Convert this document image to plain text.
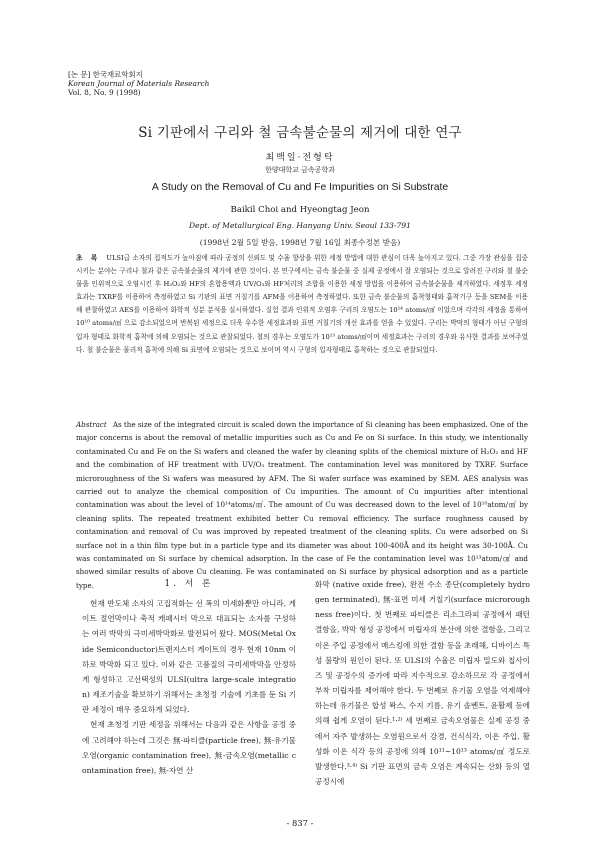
[논 문] 한국재료학회지
Korean Journal of Materials Research
Vol. 8, No. 9 (1998)
Si 기판에서 구리와 철 금속불순물의 제거에 대한 연구
최백일·전형탁
한양대학교 금속공학과
A Study on the Removal of Cu and Fe Impurities on Si Substrate
Baikil Choi and Hyeongtag Jeon
Dept. of Metallurgical Eng. Hanyang Univ. Seoul 133-791
(1998년 2월 5일 받음, 1998년 7월 16일 최종수정본 받음)
초 록 ULSI급 소자의 집적도가 높아짐에 따라 공정의 신뢰도 및 수율 향상을 위한 세정 방법에 대한 관심이 더욱 높아지고 있다. 그중 가장 관심을 집중시키는 분야는 구리나 철과 같은 금속불순물의 제거에 관한 것이다. 본 연구에서는 금속 불순물 중 실제 공정에서 잘 오염되는 것으로 알려진 구리와 철 불순물을 인위적으로 오염시킨 후 H₂O₂와 HF의 혼합용액과 UV/O₃와 HF처리의 조합을 이용한 세정 방법을 이용하여 금속불순물을 제거하였다. 세정후 세정 효과는 TXRF를 이용하여 측정하였고 Si 기판의 표면 거칠기를 AFM을 이용하여 측정하였다. 또한 금속 불순물의 흡착형태와 흡착기구 등을 SEM을 이용해 관찰하였고 AES를 이용하여 화학적 성분 분석을 실시하였다. 실험 결과 인위적 오염후 구리의 오염도는 10¹⁴ atoms/㎠ 이었으며 각각의 세정을 통하여 10¹⁰ atoms/㎠ 으로 감소되었으며 반복된 세정으로 더욱 우수한 세정효과와 표면 거칠기의 개선 효과를 얻을 수 있었다. 구리는 박막의 형태가 아닌 구형의 입자 형태로 화학적 흡착에 의해 오염되는 것으로 관찰되었다. 철의 경우는 오염도가 10¹³ atoms/㎠이며 세정효과는 구리의 경우와 유사한 결과를 보여주었다. 철 불순물은 물리적 흡착에 의해 Si 표면에 오염되는 것으로 보이며 역시 구형의 입자형태로 흡착하는 것으로 관찰되었다.
Abstract As the size of the integrated circuit is scaled down the importance of Si cleaning has been emphasized. One of the major concerns is about the removal of metallic impurities such as Cu and Fe on Si surface. In this study, we intentionally contaminated Cu and Fe on the Si wafers and cleaned the wafer by cleaning splits of the chemical mixture of H₂O₂ and HF and the combination of HF treatment with UV/O₃ treatment. The contamination level was monitored by TXRF. Surface microroughness of the Si wafers was measured by AFM. The Si wafer surface was examined by SEM. AES analysis was carried out to analyze the chemical composition of Cu impurities. The amount of Cu impurities after intentional contamination was about the level of 10¹⁴atoms/㎠. The amount of Cu was decreased down to the level of 10¹⁰atom/㎠ by cleaning splits. The repeated treatment exhibited better Cu removal efficiency. The surface roughness caused by contamination and removal of Cu was improved by repeated treatment of the cleaning splits. Cu were adsorbed on Si surface not in a thin film type but in a particle type and its diameter was about 100-400Å and its height was 30-100Å. Cu was contaminated on Si surface by chemical adsorption. In the case of Fe the contamination level was 10¹³atom/㎠ and showed similar results of above Cu cleaning. Fe was contaminated on Si surface by physical adsorption and as a particle type.	1. 서 론

현재 반도체 소자의 고집적화는 선 폭의 미세화뿐만 아니라, 게이트 절연막이나 축적 캐패시터 막으로 대표되는 소자를 구성하는 여러 박막의 극미세박막화로 발전되어 왔다. MOS(Metal Oxide Semiconductor)트랜지스터 게이트의 경우 현재 10nm 이하로 박막화 되고 있다. 이와 같은 고품질의 극미세박막을 안정하게 형성하고 고선택성의 ULSI(ultra large-scale integration) 제조기술을 확보하기 위해서는 초청정 기술에 기초를 둔 Si 기판 세정이 매우 중요하게 되었다.

현재 초청정 기판 세정을 위해서는 다음과 같은 사항을 공정 중에 고려해야 하는데 그것은 無-파티클(particle free), 無-유기물 오염(organic contamination free), 無-금속오염(metallic contamination free), 無-자연 산

화막 (native oxide free), 완전 수소 종단(completely hydrogen terminated), 無-표면 미세 거칠기(surface microroughness free)이다. 첫 번째로 파티클은 리소그라피 공정에서 패턴 결함을, 박막 형성 공정에서 미립자의 분산에 의한 결함을, 그리고 이온 주입 공정에서 매스킹에 의한 결함 등을 초래해, 디바이스 특성 불량의 원인이 된다. 또 ULSI의 수율은 미립자 밀도와 칩사이즈 및 공정수의 증가에 따라 지수적으로 감소하므로 각 공정에서 부착 미립자를 제어해야 한다. 두 번째로 유기물 오염을 억제해야 하는데 유기물은 합성 왁스, 수지 기름, 유기 솔벤트, 윤활제 등에 의해 쉽게 오염이 된다.¹·²⁾ 세 번째로 금속오염물은 실제 공정 중에서 자주 발생하는 오염원으로서 강경, 건식식각, 이온 주입, 활성화 이온 식각 등의 공정에 의해 10¹¹~10¹³ atoms/㎠ 정도로 발생한다.³·⁴⁾ Si 기판 표면의 금속 오염은 계속되는 산화 등의 열 공정시에

- 837 -
